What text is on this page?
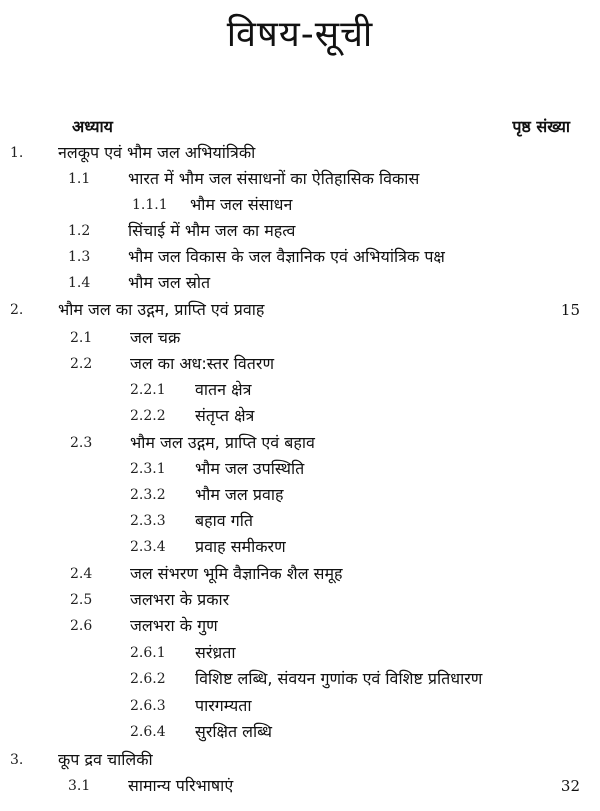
विषय-सूची
अध्याय	पृष्ठ संख्या
1. नलकूप एवं भौम जल अभियांत्रिकी
1.1 भारत में भौम जल संसाधनों का ऐतिहासिक विकास
1.1.1 भौम जल संसाधन
1.2 सिंचाई में भौम जल का महत्व
1.3 भौम जल विकास के जल वैज्ञानिक एवं अभियांत्रिक पक्ष
1.4 भौम जल स्रोत
2. भौम जल का उद्गम, प्राप्ति एवं प्रवाह	15
2.1 जल चक्र
2.2 जल का अध:स्तर वितरण
2.2.1 वातन क्षेत्र
2.2.2 संतृप्त क्षेत्र
2.3 भौम जल उद्गम, प्राप्ति एवं बहाव
2.3.1 भौम जल उपस्थिति
2.3.2 भौम जल प्रवाह
2.3.3 बहाव गति
2.3.4 प्रवाह समीकरण
2.4 जल संभरण भूमि वैज्ञानिक शैल समूह
2.5 जलभरा के प्रकार
2.6 जलभरा के गुण
2.6.1 सरंध्रता
2.6.2 विशिष्ट लब्धि, संवयन गुणांक एवं विशिष्ट प्रतिधारण
2.6.3 पारगम्यता
2.6.4 सुरक्षित लब्धि
3. कूप द्रव चालिकी
3.1 सामान्य परिभाषाएं	32
